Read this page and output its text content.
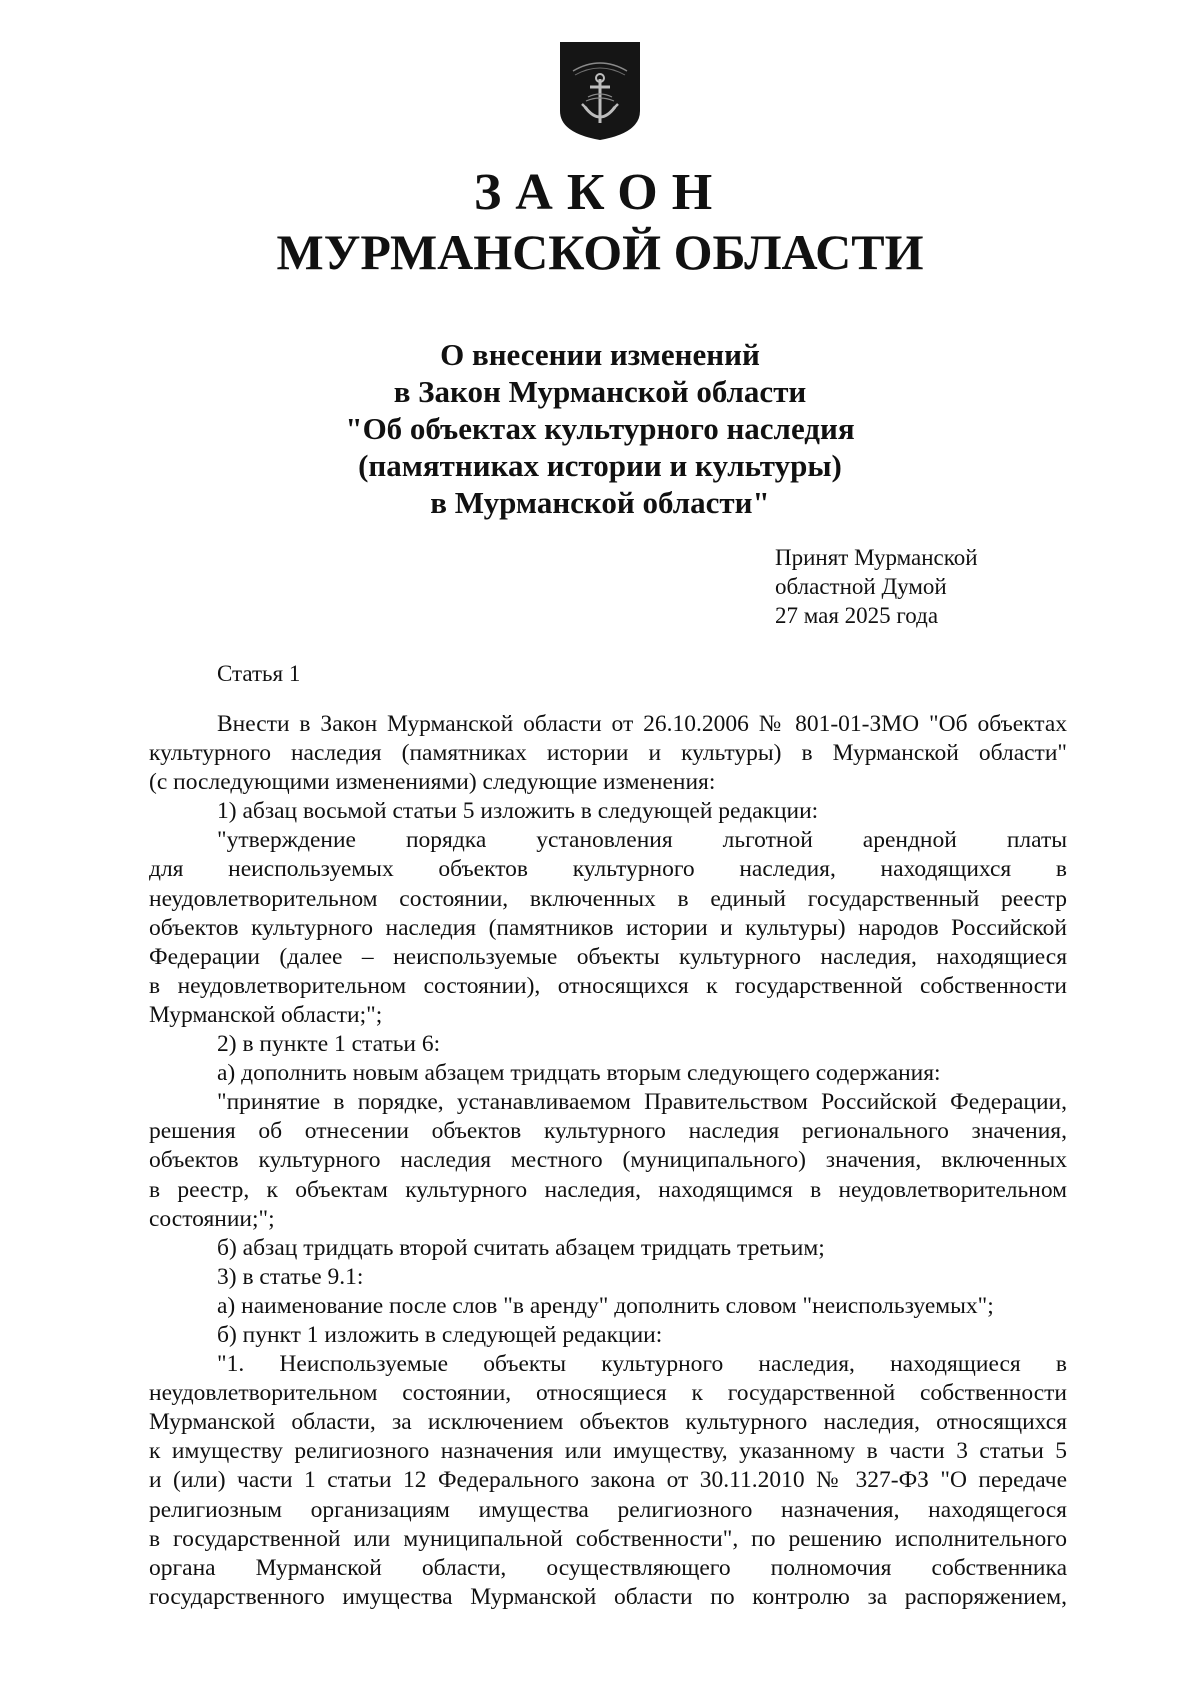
ЗАКОН
МУРМАНСКОЙ ОБЛАСТИ
О внесении изменений
в Закон Мурманской области
"Об объектах культурного наследия
(памятниках истории и культуры)
в Мурманской области"
Принят Мурманской
областной Думой
27 мая 2025 года
Статья 1
Внести в Закон Мурманской области от 26.10.2006 № 801-01-ЗМО "Об объектах
культурного наследия (памятниках истории и культуры) в Мурманской области"
(с последующими изменениями) следующие изменения:
1) абзац восьмой статьи 5 изложить в следующей редакции:
"утверждение порядка установления льготной арендной платы
для неиспользуемых объектов культурного наследия, находящихся в
неудовлетворительном состоянии, включенных в единый государственный реестр
объектов культурного наследия (памятников истории и культуры) народов Российской
Федерации (далее – неиспользуемые объекты культурного наследия, находящиеся
в неудовлетворительном состоянии), относящихся к государственной собственности
Мурманской области;";
2) в пункте 1 статьи 6:
а) дополнить новым абзацем тридцать вторым следующего содержания:
"принятие в порядке, устанавливаемом Правительством Российской Федерации,
решения об отнесении объектов культурного наследия регионального значения,
объектов культурного наследия местного (муниципального) значения, включенных
в реестр, к объектам культурного наследия, находящимся в неудовлетворительном
состоянии;";
б) абзац тридцать второй считать абзацем тридцать третьим;
3) в статье 9.1:
а) наименование после слов "в аренду" дополнить словом "неиспользуемых";
б) пункт 1 изложить в следующей редакции:
"1. Неиспользуемые объекты культурного наследия, находящиеся в
неудовлетворительном состоянии, относящиеся к государственной собственности
Мурманской области, за исключением объектов культурного наследия, относящихся
к имуществу религиозного назначения или имуществу, указанному в части 3 статьи 5
и (или) части 1 статьи 12 Федерального закона от 30.11.2010 № 327-ФЗ "О передаче
религиозным организациям имущества религиозного назначения, находящегося
в государственной или муниципальной собственности", по решению исполнительного
органа Мурманской области, осуществляющего полномочия собственника
государственного имущества Мурманской области по контролю за распоряжением,
